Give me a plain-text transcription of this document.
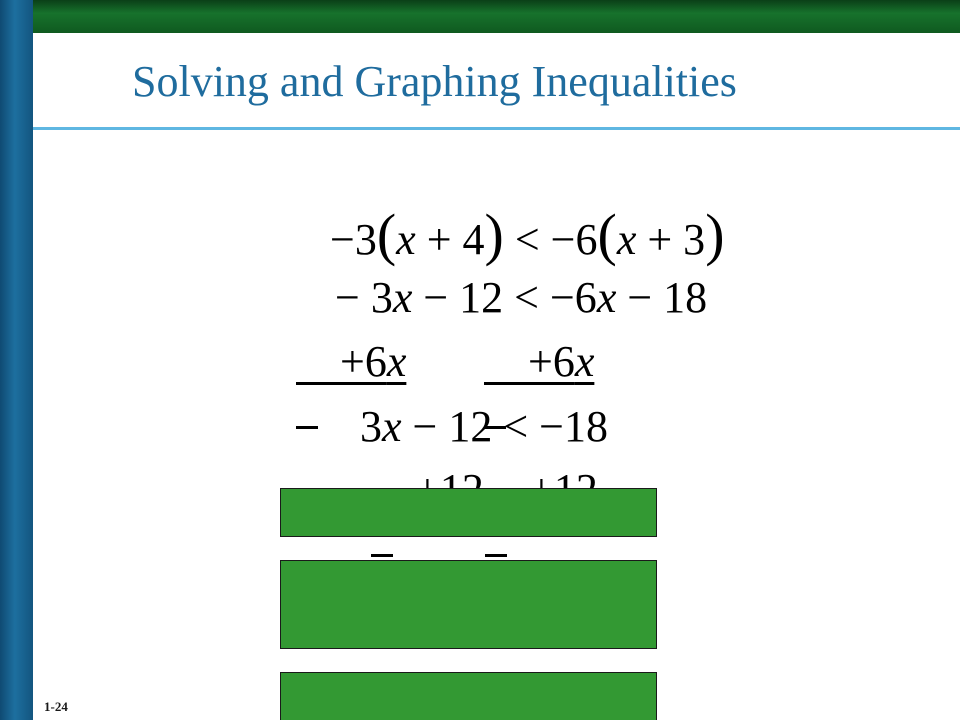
Solving and Graphing Inequalities

−3(x + 4) < −6(x + 3)

− 3x − 12 < −6x − 18

+6x
	+6x

3x − 12 < −18

1-24
